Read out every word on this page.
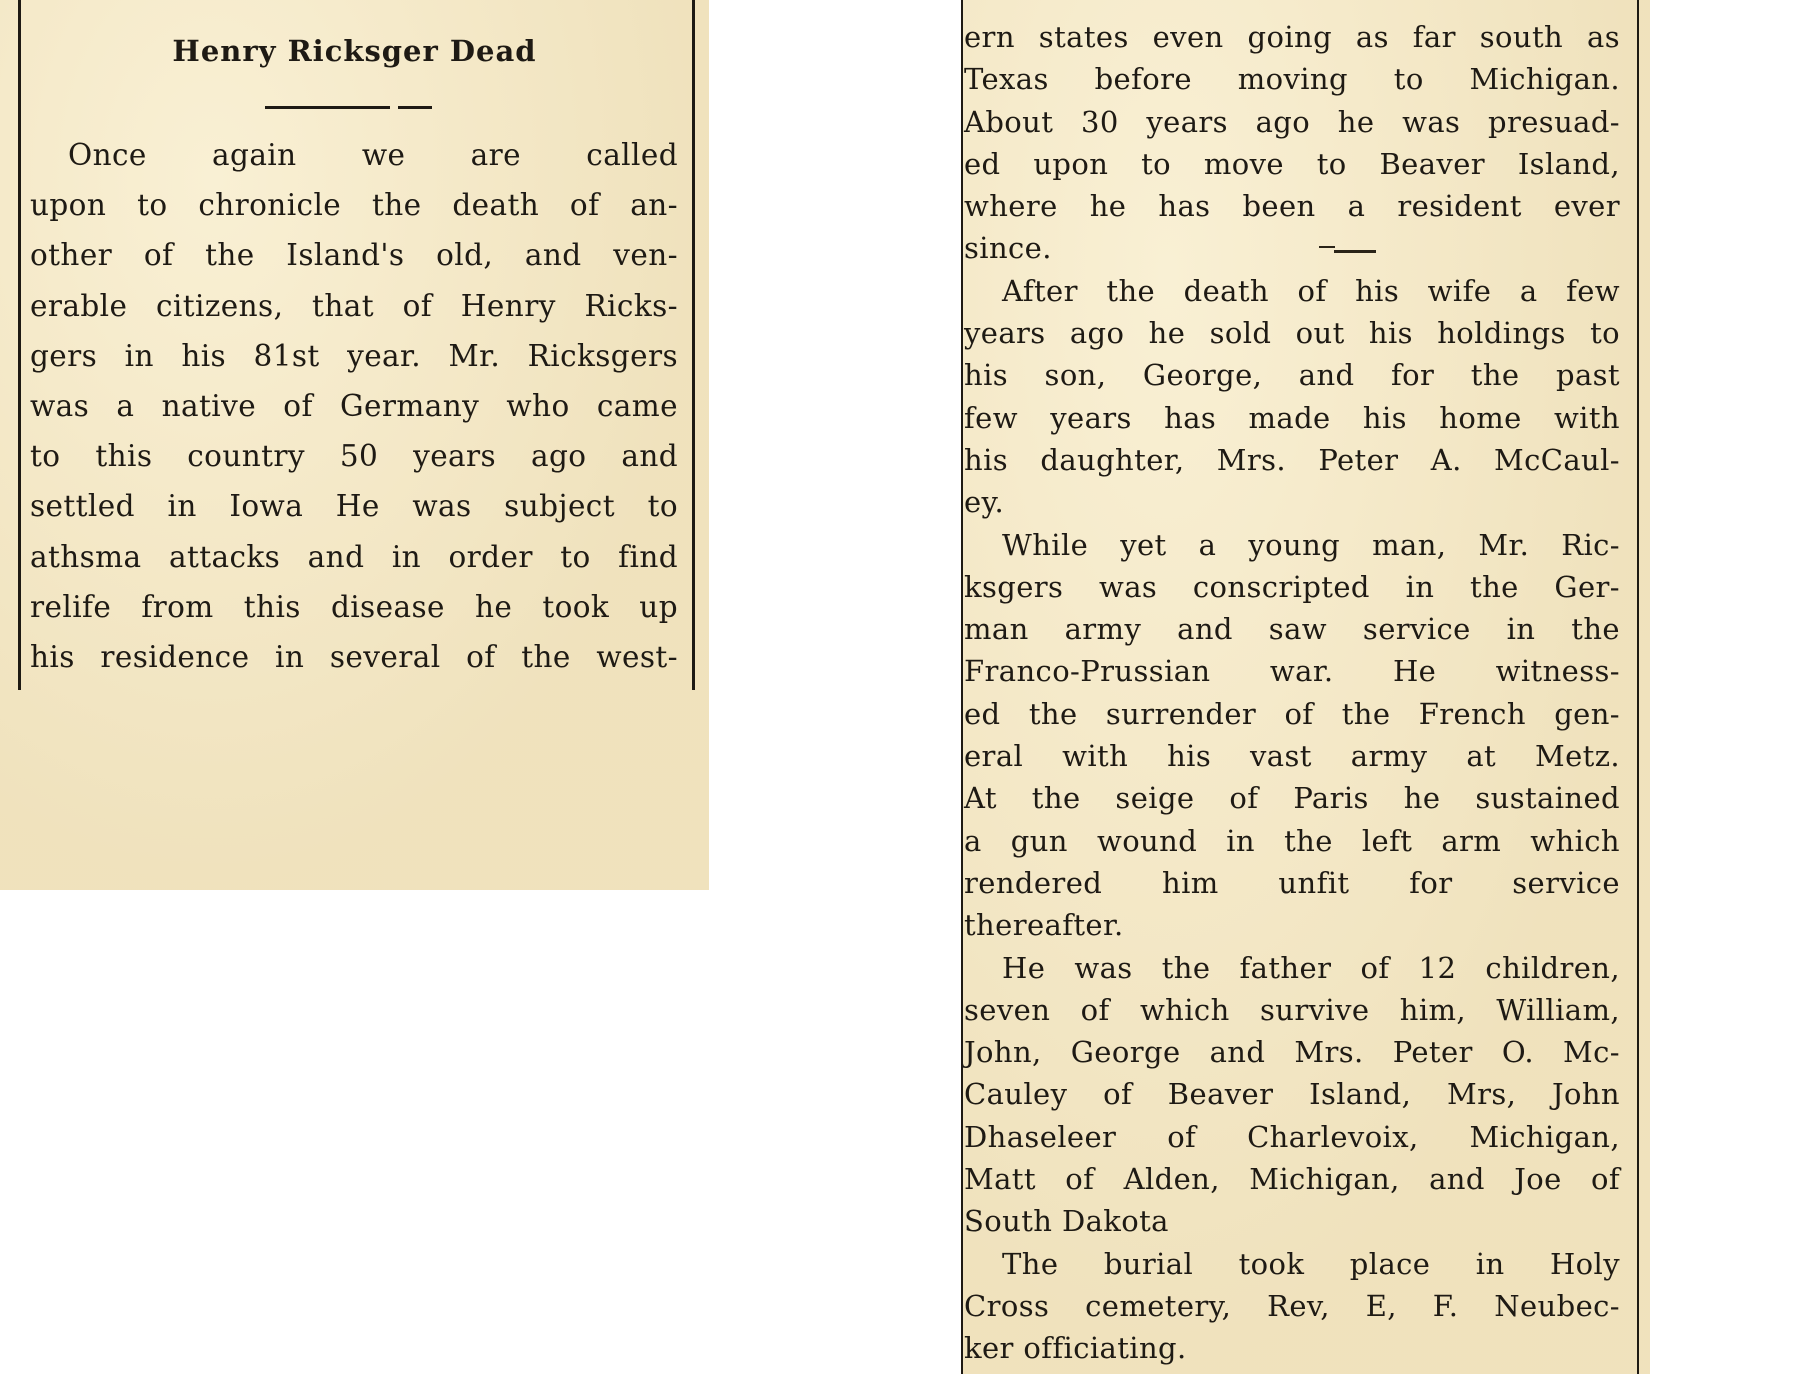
Henry Ricksger Dead
Once again we are called
upon to chronicle the death of an-
other of the Island's old, and ven-
erable citizens, that of Henry Ricks-
gers in his 81st year. Mr. Ricksgers
was a native of Germany who came
to this country 50 years ago and
settled in Iowa He was subject to
athsma attacks and in order to find
relife from this disease he took up
his residence in several of the west-
ern states even going as far south as
Texas before moving to Michigan.
About 30 years ago he was presuad-
ed upon to move to Beaver Island,
where he has been a resident ever
since.
After the death of his wife a few
years ago he sold out his holdings to
his son, George, and for the past
few years has made his home with
his daughter, Mrs. Peter A. McCaul-
ey.
While yet a young man, Mr. Ric-
ksgers was conscripted in the Ger-
man army and saw service in the
Franco-Prussian war. He witness-
ed the surrender of the French gen-
eral with his vast army at Metz.
At the seige of Paris he sustained
a gun wound in the left arm which
rendered him unfit for service
thereafter.
He was the father of 12 children,
seven of which survive him, William,
John, George and Mrs. Peter O. Mc-
Cauley of Beaver Island, Mrs, John
Dhaseleer of Charlevoix, Michigan,
Matt of Alden, Michigan, and Joe of
South Dakota
The burial took place in Holy
Cross cemetery, Rev, E, F. Neubec-
ker officiating.
